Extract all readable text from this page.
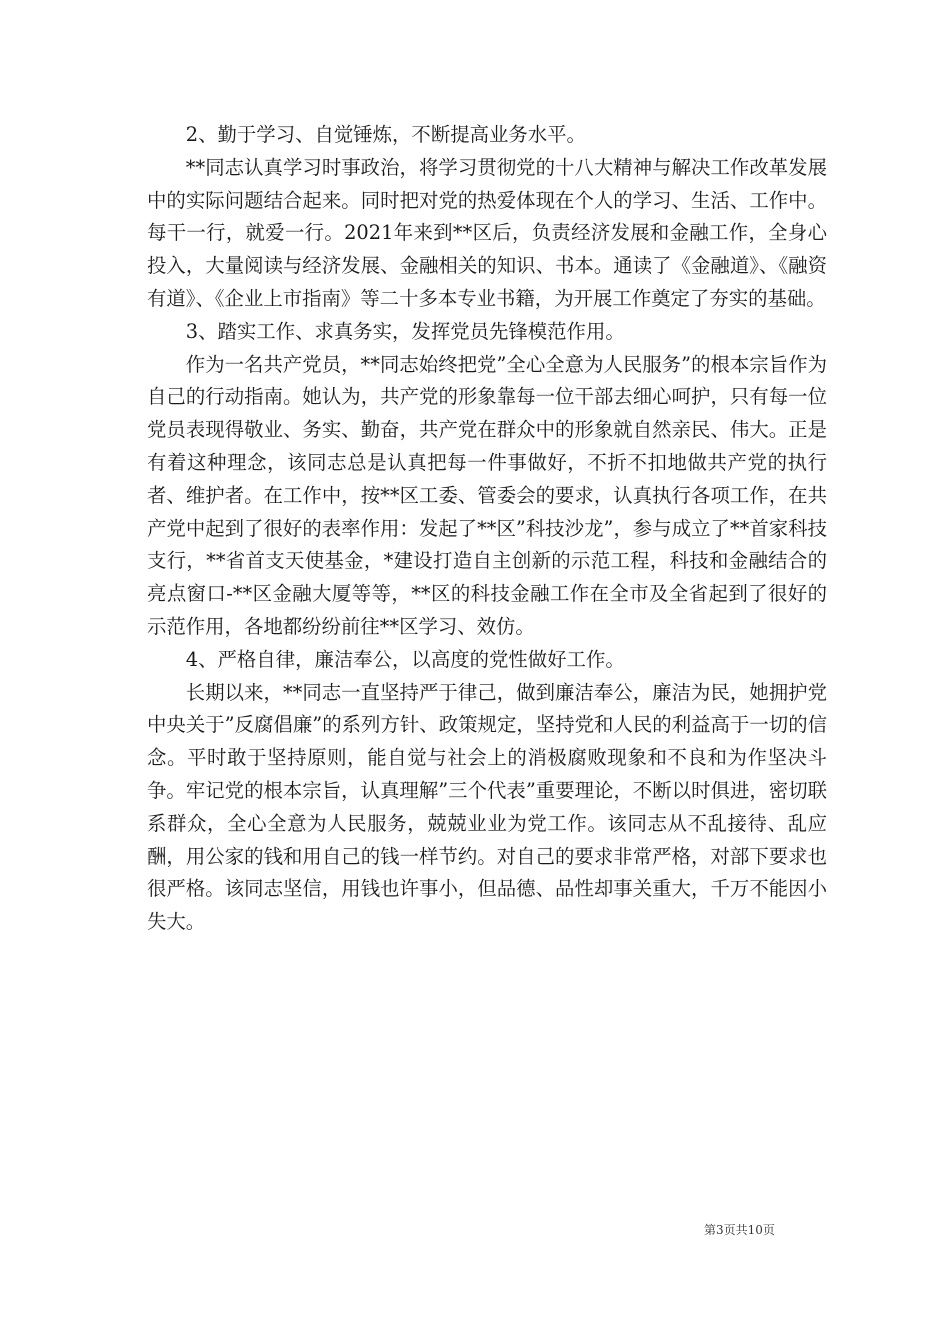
2、勤于学习、自觉锤炼，不断提高业务水平。

**同志认真学习时事政治，将学习贯彻党的十八大精神与解决工作改革发展中的实际问题结合起来。同时把对党的热爱体现在个人的学习、生活、工作中。每干一行，就爱一行。2021年来到**区后，负责经济发展和金融工作，全身心投入，大量阅读与经济发展、金融相关的知识、书本。通读了《金融道》、《融资有道》、《企业上市指南》等二十多本专业书籍，为开展工作奠定了夯实的基础。

3、踏实工作、求真务实，发挥党员先锋模范作用。

作为一名共产党员，**同志始终把党”全心全意为人民服务”的根本宗旨作为自己的行动指南。她认为，共产党的形象靠每一位干部去细心呵护，只有每一位党员表现得敬业、务实、勤奋，共产党在群众中的形象就自然亲民、伟大。正是有着这种理念，该同志总是认真把每一件事做好，不折不扣地做共产党的执行者、维护者。在工作中，按**区工委、管委会的要求，认真执行各项工作，在共产党中起到了很好的表率作用：发起了**区”科技沙龙”，参与成立了**首家科技支行，**省首支天使基金，*建设打造自主创新的示范工程，科技和金融结合的亮点窗口-**区金融大厦等等，**区的科技金融工作在全市及全省起到了很好的示范作用，各地都纷纷前往**区学习、效仿。

4、严格自律，廉洁奉公，以高度的党性做好工作。

长期以来，**同志一直坚持严于律己，做到廉洁奉公，廉洁为民，她拥护党中央关于”反腐倡廉”的系列方针、政策规定，坚持党和人民的利益高于一切的信念。平时敢于坚持原则，能自觉与社会上的消极腐败现象和不良和为作坚决斗争。牢记党的根本宗旨，认真理解”三个代表”重要理论，不断以时俱进，密切联系群众，全心全意为人民服务，兢兢业业为党工作。该同志从不乱接待、乱应酬，用公家的钱和用自己的钱一样节约。对自己的要求非常严格，对部下要求也很严格。该同志坚信，用钱也许事小，但品德、品性却事关重大，千万不能因小失大。

第3页共10页
